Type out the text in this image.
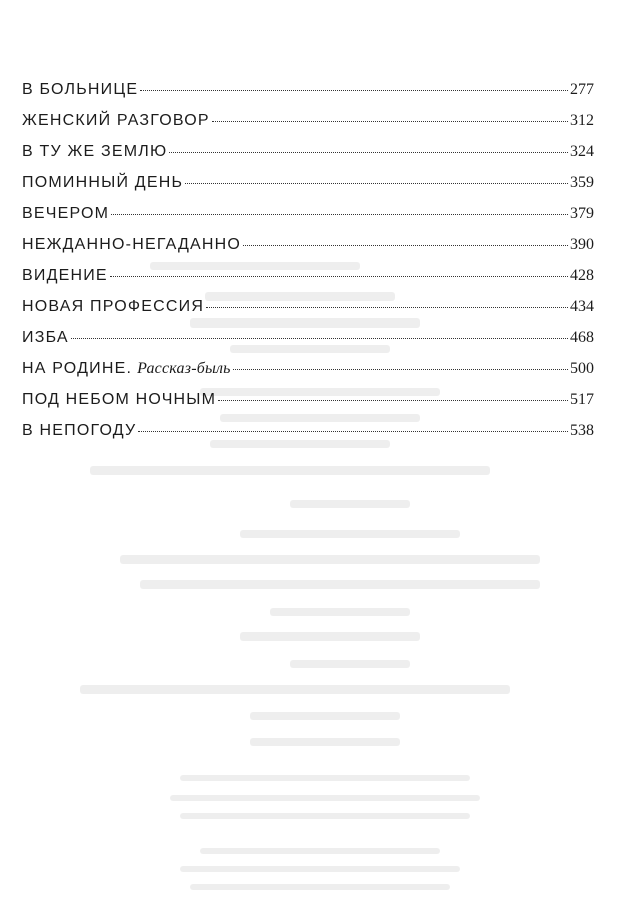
В БОЛЬНИЦЕ	277
ЖЕНСКИЙ РАЗГОВОР	312
В ТУ ЖЕ ЗЕМЛЮ	324
ПОМИННЫЙ ДЕНЬ	359
ВЕЧЕРОМ	379
НЕЖДАННО-НЕГАДАННО	390
ВИДЕНИЕ	428
НОВАЯ ПРОФЕССИЯ	434
ИЗБА	468
НА РОДИНЕ. Рассказ-быль	500
ПОД НЕБОМ НОЧНЫМ	517
В НЕПОГОДУ	538
